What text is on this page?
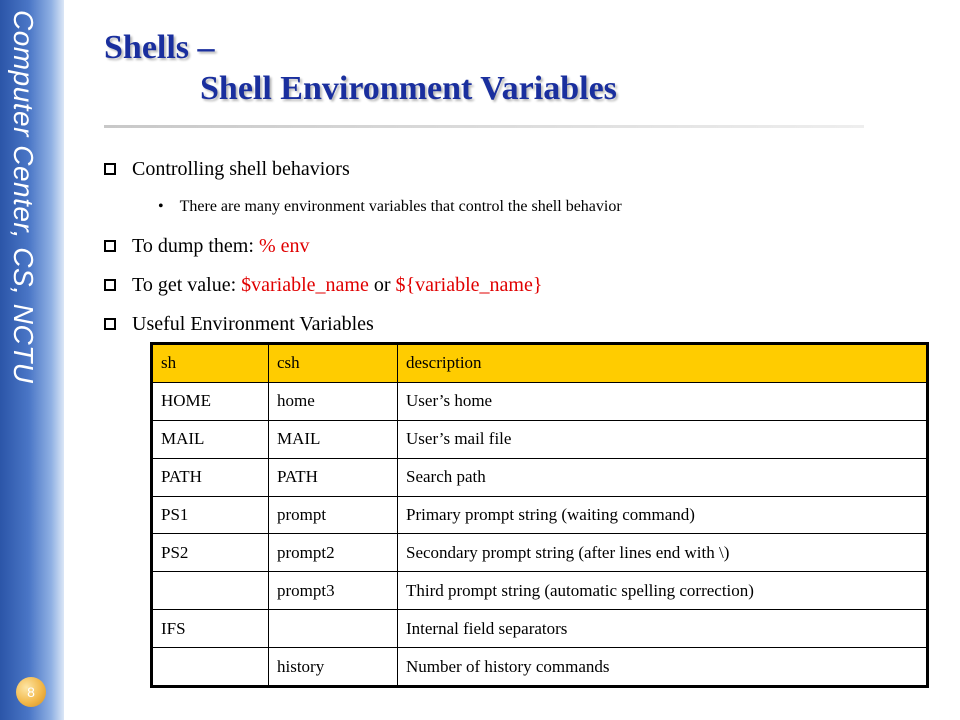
Computer Center, CS, NCTU
8
Shells –
Shell Environment Variables
Controlling shell behaviors
• There are many environment variables that control the shell behavior
To dump them: % env
To get value: $variable_name or ${variable_name}
Useful Environment Variables
sh	csh	description
HOME	home	User’s home
MAIL	MAIL	User’s mail file
PATH	PATH	Search path
PS1	prompt	Primary prompt string (waiting command)
PS2	prompt2	Secondary prompt string (after lines end with \)
	prompt3	Third prompt string (automatic spelling correction)
IFS		Internal field separators
	history	Number of history commands
